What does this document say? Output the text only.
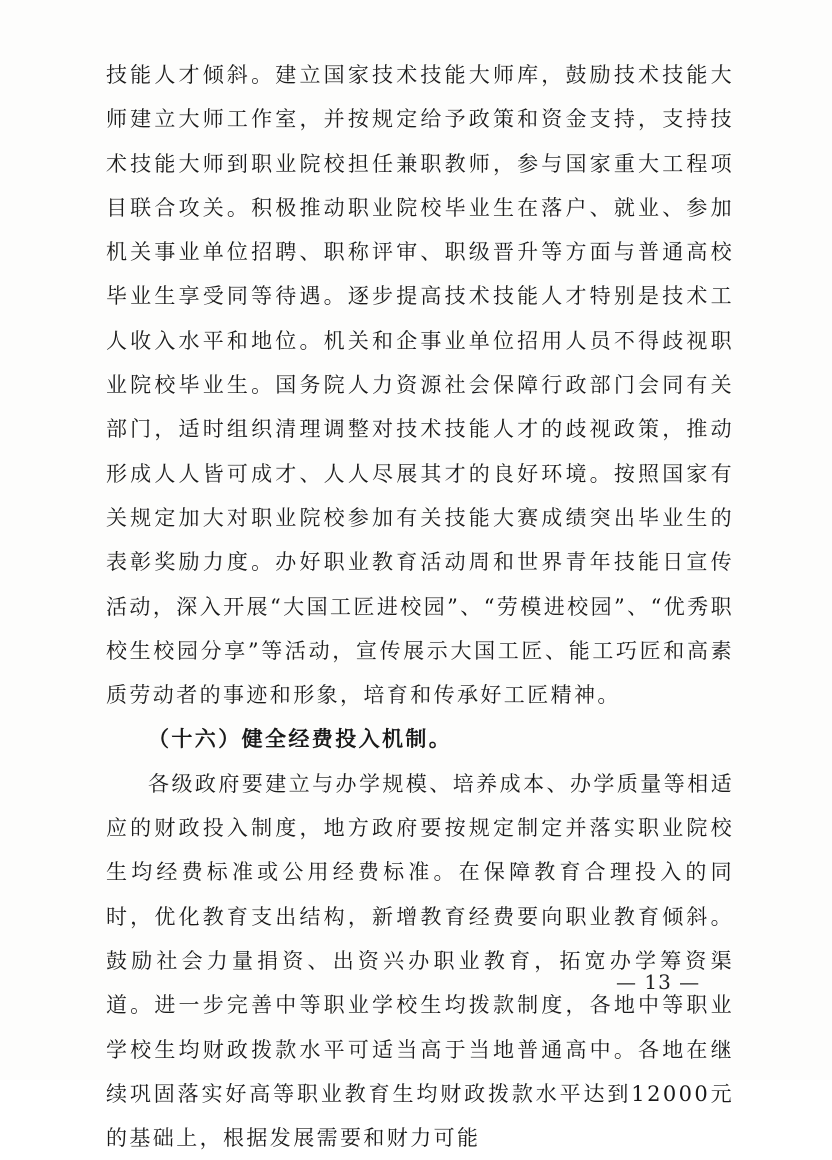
技能人才倾斜。建立国家技术技能大师库，鼓励技术技能大师建立大师工作室，并按规定给予政策和资金支持，支持技术技能大师到职业院校担任兼职教师，参与国家重大工程项目联合攻关。积极推动职业院校毕业生在落户、就业、参加机关事业单位招聘、职称评审、职级晋升等方面与普通高校毕业生享受同等待遇。逐步提高技术技能人才特别是技术工人收入水平和地位。机关和企事业单位招用人员不得歧视职业院校毕业生。国务院人力资源社会保障行政部门会同有关部门，适时组织清理调整对技术技能人才的歧视政策，推动形成人人皆可成才、人人尽展其才的良好环境。按照国家有关规定加大对职业院校参加有关技能大赛成绩突出毕业生的表彰奖励力度。办好职业教育活动周和世界青年技能日宣传活动，深入开展“大国工匠进校园”、“劳模进校园”、“优秀职校生校园分享”等活动，宣传展示大国工匠、能工巧匠和高素质劳动者的事迹和形象，培育和传承好工匠精神。

（十六）健全经费投入机制。

各级政府要建立与办学规模、培养成本、办学质量等相适应的财政投入制度，地方政府要按规定制定并落实职业院校生均经费标准或公用经费标准。在保障教育合理投入的同时，优化教育支出结构，新增教育经费要向职业教育倾斜。鼓励社会力量捐资、出资兴办职业教育，拓宽办学筹资渠道。进一步完善中等职业学校生均拨款制度，各地中等职业学校生均财政拨款水平可适当高于当地普通高中。各地在继续巩固落实好高等职业教育生均财政拨款水平达到12000元的基础上，根据发展需要和财力可能

— 13 —
